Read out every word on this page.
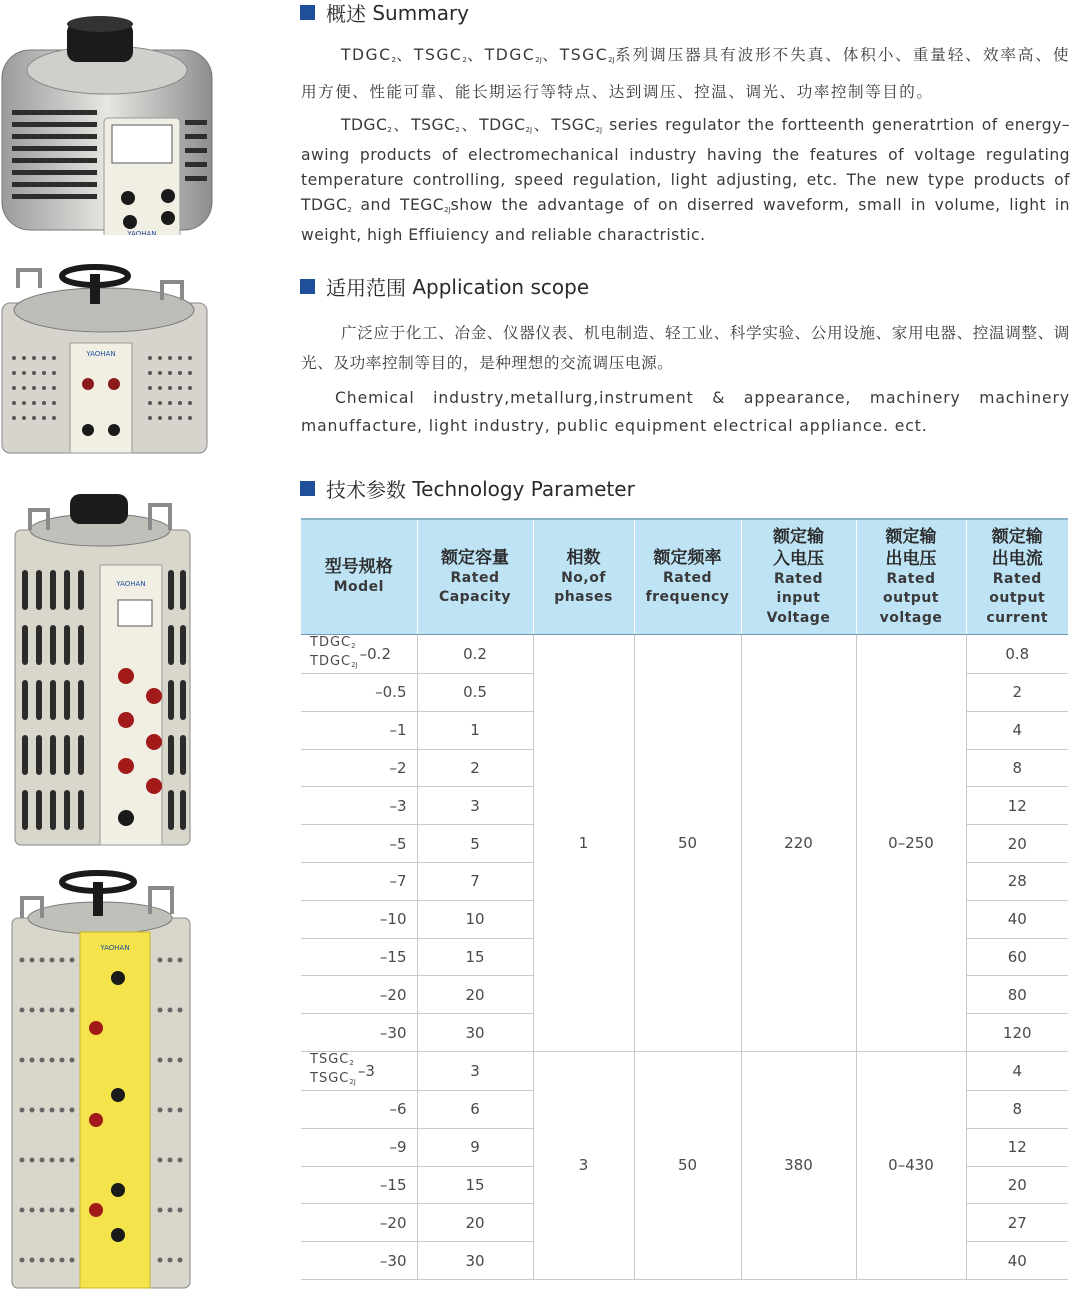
YAOHAN
YAOHAN
YAOHAN
YAOHAN
概述
Summary

$TDGC_2$、$TSGC_2$、$TDGC_{2J}$、$TSGC_{2J}$系列调压器具有波形不失真、体积小、重量轻、效率高、使用方便、性能可靠、能长期运行等特点、达到调压、控温、调光、功率控制等目的。

$TDGC_2$、$TSGC_2$、$TDGC_{2J}$、$TSGC_{2J}$ series regulator the fortteenth generatrtion of energy–awing products of electromechanical industry having the features of voltage regulating temperature controlling, speed regulation, light adjusting, etc. The new type products of $TDGC_2$ and $TEGC_{2J}show$ the advantage of on diserred waveform, small in volume, light in weight, high Effiuiency and reliable charactristic.

适用范围
Application scope

广泛应于化工、冶金、仪器仪表、机电制造、轻工业、科学实验、公用设施、家用电器、控温调整、调光、及功率控制等目的，是种理想的交流调压电源。

Chemical industry,metallurg,instrument & appearance, machinery machinery manuffacture, light industry, public equipment electrical appliance. ect.

技术参数
Technology Parameter
型号规格
Model	额定容量
Rated
Capacity	相数
No,of
phases	额定频率
Rated
frequency	额定输
入电压
Rated
input
Voltage	额定输
出电压
Rated
output
voltage	额定输
出电流
Rated
output
current

$TDGC_2$
$TDGC_{2J}$
–0.2	0.2	1	50	220	0–250	0.8
–0.5	0.5					2
–1	1					4
–2	2					8
–3	3					12
–5	5					20
–7	7					28
–10	10					40
–15	15					60
–20	20					80
–30	30					120

$TSGC_2$
$TSGC_{2J}$
–3	3	3	50	380	0–430	4
–6	6					8
–9	9					12
–15	15					20
–20	20					27
–30	30					40
